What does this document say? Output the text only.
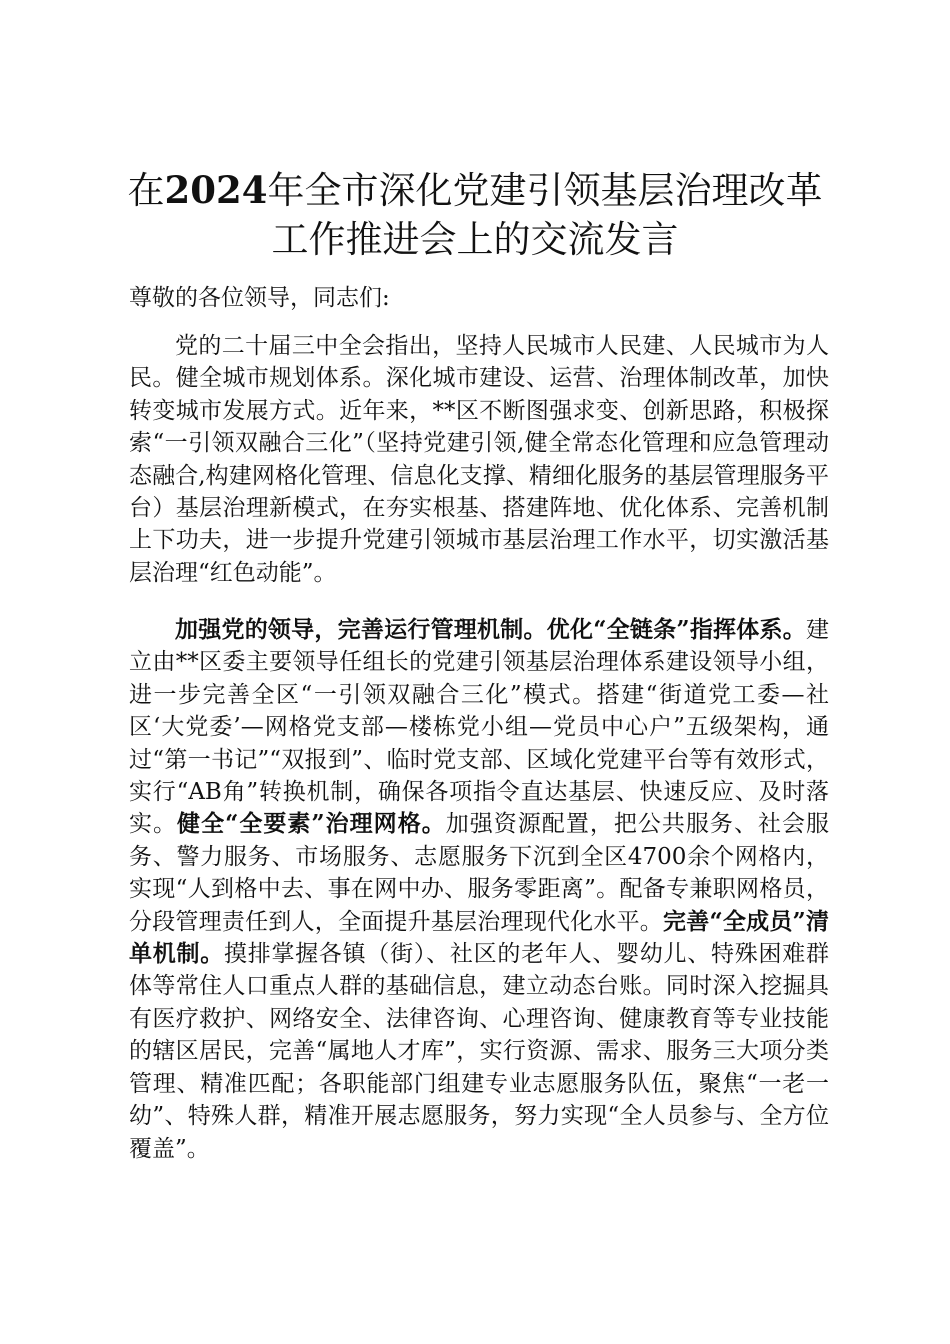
在2024年全市深化党建引领基层治理改革工作推进会上的交流发言

尊敬的各位领导，同志们:

党的二十届三中全会指出，坚持人民城市人民建、人民城市为人民。健全城市规划体系。深化城市建设、运营、治理体制改革，加快转变城市发展方式。近年来，**区不断图强求变、创新思路，积极探索“一引领双融合三化”（坚持党建引领,健全常态化管理和应急管理动态融合,构建网格化管理、信息化支撑、精细化服务的基层管理服务平台）基层治理新模式，在夯实根基、搭建阵地、优化体系、完善机制上下功夫，进一步提升党建引领城市基层治理工作水平，切实激活基层治理“红色动能”。

加强党的领导，完善运行管理机制。优化“全链条”指挥体系。建立由**区委主要领导任组长的党建引领基层治理体系建设领导小组，进一步完善全区“一引领双融合三化”模式。搭建“街道党工委—社区‘大党委’—网格党支部—楼栋党小组—党员中心户”五级架构，通过“第一书记”“双报到”、临时党支部、区域化党建平台等有效形式，实行“AB角”转换机制，确保各项指令直达基层、快速反应、及时落实。健全“全要素”治理网格。加强资源配置，把公共服务、社会服务、警力服务、市场服务、志愿服务下沉到全区4700余个网格内，实现“人到格中去、事在网中办、服务零距离”。配备专兼职网格员，分段管理责任到人，全面提升基层治理现代化水平。完善“全成员”清单机制。摸排掌握各镇（街）、社区的老年人、婴幼儿、特殊困难群体等常住人口重点人群的基础信息，建立动态台账。同时深入挖掘具有医疗救护、网络安全、法律咨询、心理咨询、健康教育等专业技能的辖区居民，完善“属地人才库”，实行资源、需求、服务三大项分类管理、精准匹配；各职能部门组建专业志愿服务队伍，聚焦“一老一幼”、特殊人群，精准开展志愿服务，努力实现“全人员参与、全方位覆盖”。
